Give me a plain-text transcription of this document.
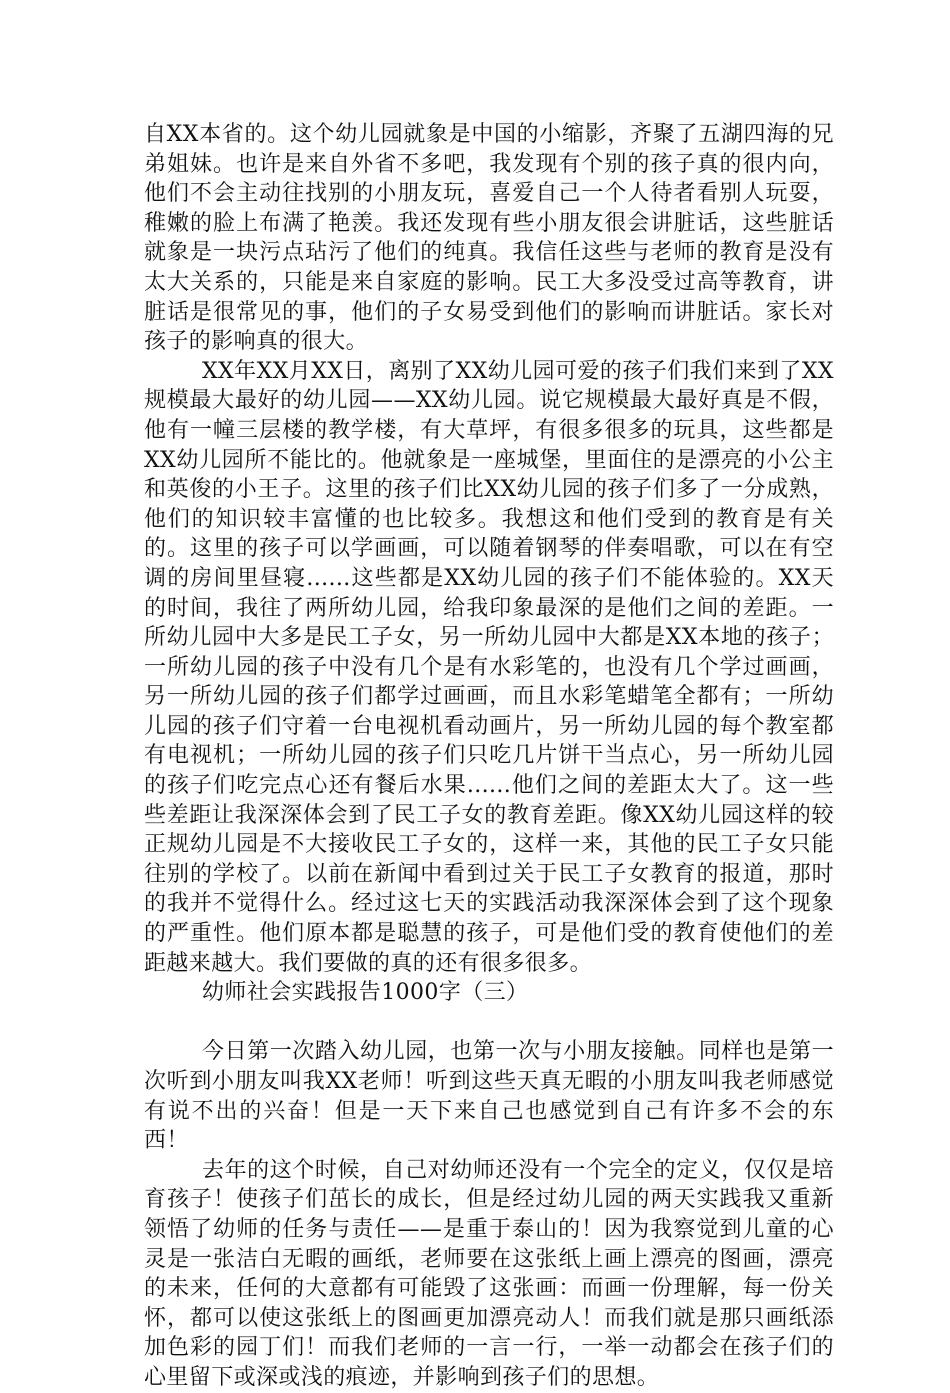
自XX本省的。这个幼儿园就象是中国的小缩影，齐聚了五湖四海的兄弟姐妹。也许是来自外省不多吧，我发现有个别的孩子真的很内向，他们不会主动往找别的小朋友玩，喜爱自己一个人待者看别人玩耍，稚嫩的脸上布满了艳羡。我还发现有些小朋友很会讲脏话，这些脏话就象是一块污点玷污了他们的纯真。我信任这些与老师的教育是没有太大关系的，只能是来自家庭的影响。民工大多没受过高等教育，讲脏话是很常见的事，他们的子女易受到他们的影响而讲脏话。家长对孩子的影响真的很大。

XX年XX月XX日，离别了XX幼儿园可爱的孩子们我们来到了XX规模最大最好的幼儿园——XX幼儿园。说它规模最大最好真是不假，他有一幢三层楼的教学楼，有大草坪，有很多很多的玩具，这些都是XX幼儿园所不能比的。他就象是一座城堡，里面住的是漂亮的小公主和英俊的小王子。这里的孩子们比XX幼儿园的孩子们多了一分成熟，他们的知识较丰富懂的也比较多。我想这和他们受到的教育是有关的。这里的孩子可以学画画，可以随着钢琴的伴奏唱歌，可以在有空调的房间里昼寝......这些都是XX幼儿园的孩子们不能体验的。XX天的时间，我往了两所幼儿园，给我印象最深的是他们之间的差距。一所幼儿园中大多是民工子女，另一所幼儿园中大都是XX本地的孩子；一所幼儿园的孩子中没有几个是有水彩笔的，也没有几个学过画画，另一所幼儿园的孩子们都学过画画，而且水彩笔蜡笔全都有；一所幼儿园的孩子们守着一台电视机看动画片，另一所幼儿园的每个教室都有电视机；一所幼儿园的孩子们只吃几片饼干当点心，另一所幼儿园的孩子们吃完点心还有餐后水果......他们之间的差距太大了。这一些些差距让我深深体会到了民工子女的教育差距。像XX幼儿园这样的较正规幼儿园是不大接收民工子女的，这样一来，其他的民工子女只能往别的学校了。以前在新闻中看到过关于民工子女教育的报道，那时的我并不觉得什么。经过这七天的实践活动我深深体会到了这个现象的严重性。他们原本都是聪慧的孩子，可是他们受的教育使他们的差距越来越大。我们要做的真的还有很多很多。

幼师社会实践报告1000字（三）

今日第一次踏入幼儿园，也第一次与小朋友接触。同样也是第一次听到小朋友叫我XX老师！听到这些天真无暇的小朋友叫我老师感觉有说不出的兴奋！但是一天下来自己也感觉到自己有许多不会的东西！

去年的这个时候，自己对幼师还没有一个完全的定义，仅仅是培育孩子！使孩子们茁长的成长，但是经过幼儿园的两天实践我又重新领悟了幼师的任务与责任——是重于泰山的！因为我察觉到儿童的心灵是一张洁白无暇的画纸，老师要在这张纸上画上漂亮的图画，漂亮的未来，任何的大意都有可能毁了这张画：而画一份理解，每一份关怀，都可以使这张纸上的图画更加漂亮动人！而我们就是那只画纸添加色彩的园丁们！而我们老师的一言一行，一举一动都会在孩子们的心里留下或深或浅的痕迹，并影响到孩子们的思想。
